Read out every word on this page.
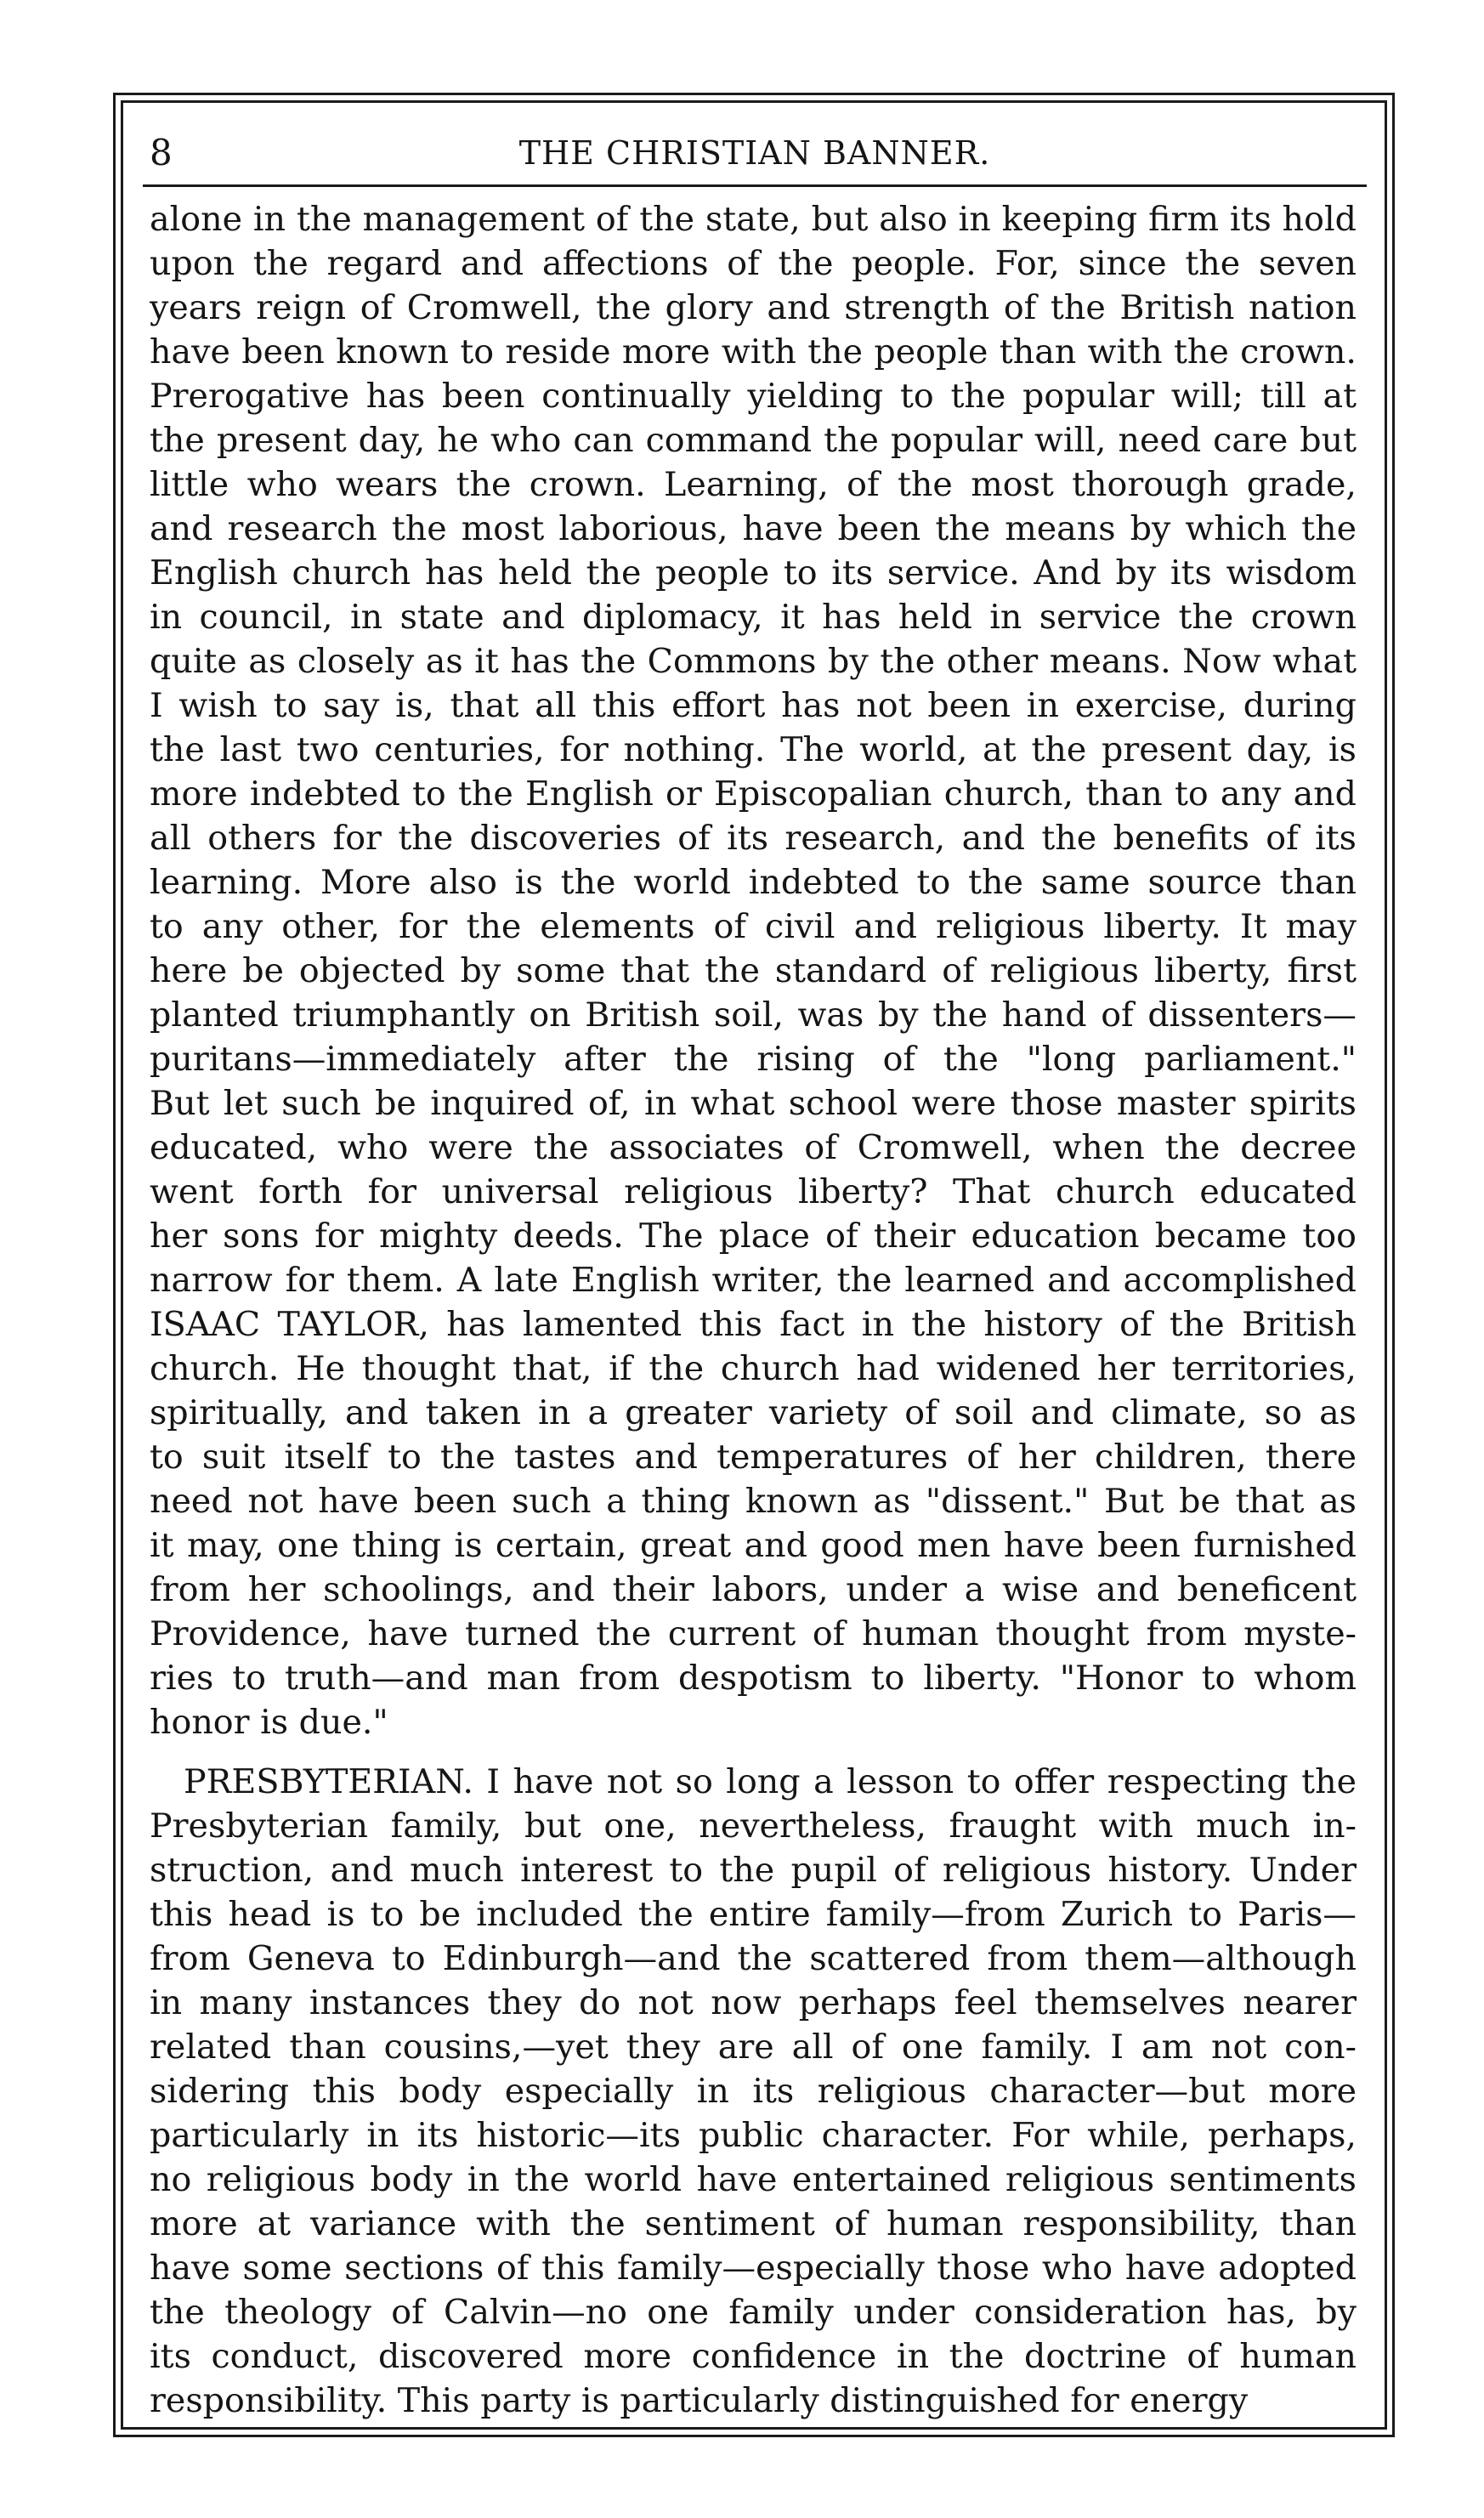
8	THE CHRISTIAN BANNER.
alone in the management of the state, but also in keeping firm its hold
upon the regard and affections of the people. For, since the seven
years reign of Cromwell, the glory and strength of the British nation
have been known to reside more with the people than with the crown.
Prerogative has been continually yielding to the popular will; till at
the present day, he who can command the popular will, need care but
little who wears the crown. Learning, of the most thorough grade,
and research the most laborious, have been the means by which the
English church has held the people to its service. And by its wisdom
in council, in state and diplomacy, it has held in service the crown
quite as closely as it has the Commons by the other means. Now what
I wish to say is, that all this effort has not been in exercise, during
the last two centuries, for nothing. The world, at the present day, is
more indebted to the English or Episcopalian church, than to any and
all others for the discoveries of its research, and the benefits of its
learning. More also is the world indebted to the same source than
to any other, for the elements of civil and religious liberty. It may
here be objected by some that the standard of religious liberty, first
planted triumphantly on British soil, was by the hand of dissenters—
puritans—immediately after the rising of the "long parliament."
But let such be inquired of, in what school were those master spirits
educated, who were the associates of Cromwell, when the decree
went forth for universal religious liberty? That church educated
her sons for mighty deeds. The place of their education became too
narrow for them. A late English writer, the learned and accomplished
ISAAC TAYLOR, has lamented this fact in the history of the British
church. He thought that, if the church had widened her territories,
spiritually, and taken in a greater variety of soil and climate, so as
to suit itself to the tastes and temperatures of her children, there
need not have been such a thing known as "dissent." But be that as
it may, one thing is certain, great and good men have been furnished
from her schoolings, and their labors, under a wise and beneficent
Providence, have turned the current of human thought from myste-
ries to truth—and man from despotism to liberty. "Honor to whom
honor is due."
PRESBYTERIAN. I have not so long a lesson to offer respecting the
Presbyterian family, but one, nevertheless, fraught with much in-
struction, and much interest to the pupil of religious history. Under
this head is to be included the entire family—from Zurich to Paris—
from Geneva to Edinburgh—and the scattered from them—although
in many instances they do not now perhaps feel themselves nearer
related than cousins,—yet they are all of one family. I am not con-
sidering this body especially in its religious character—but more
particularly in its historic—its public character. For while, perhaps,
no religious body in the world have entertained religious sentiments
more at variance with the sentiment of human responsibility, than
have some sections of this family—especially those who have adopted
the theology of Calvin—no one family under consideration has, by
its conduct, discovered more confidence in the doctrine of human
responsibility. This party is particularly distinguished for energy
